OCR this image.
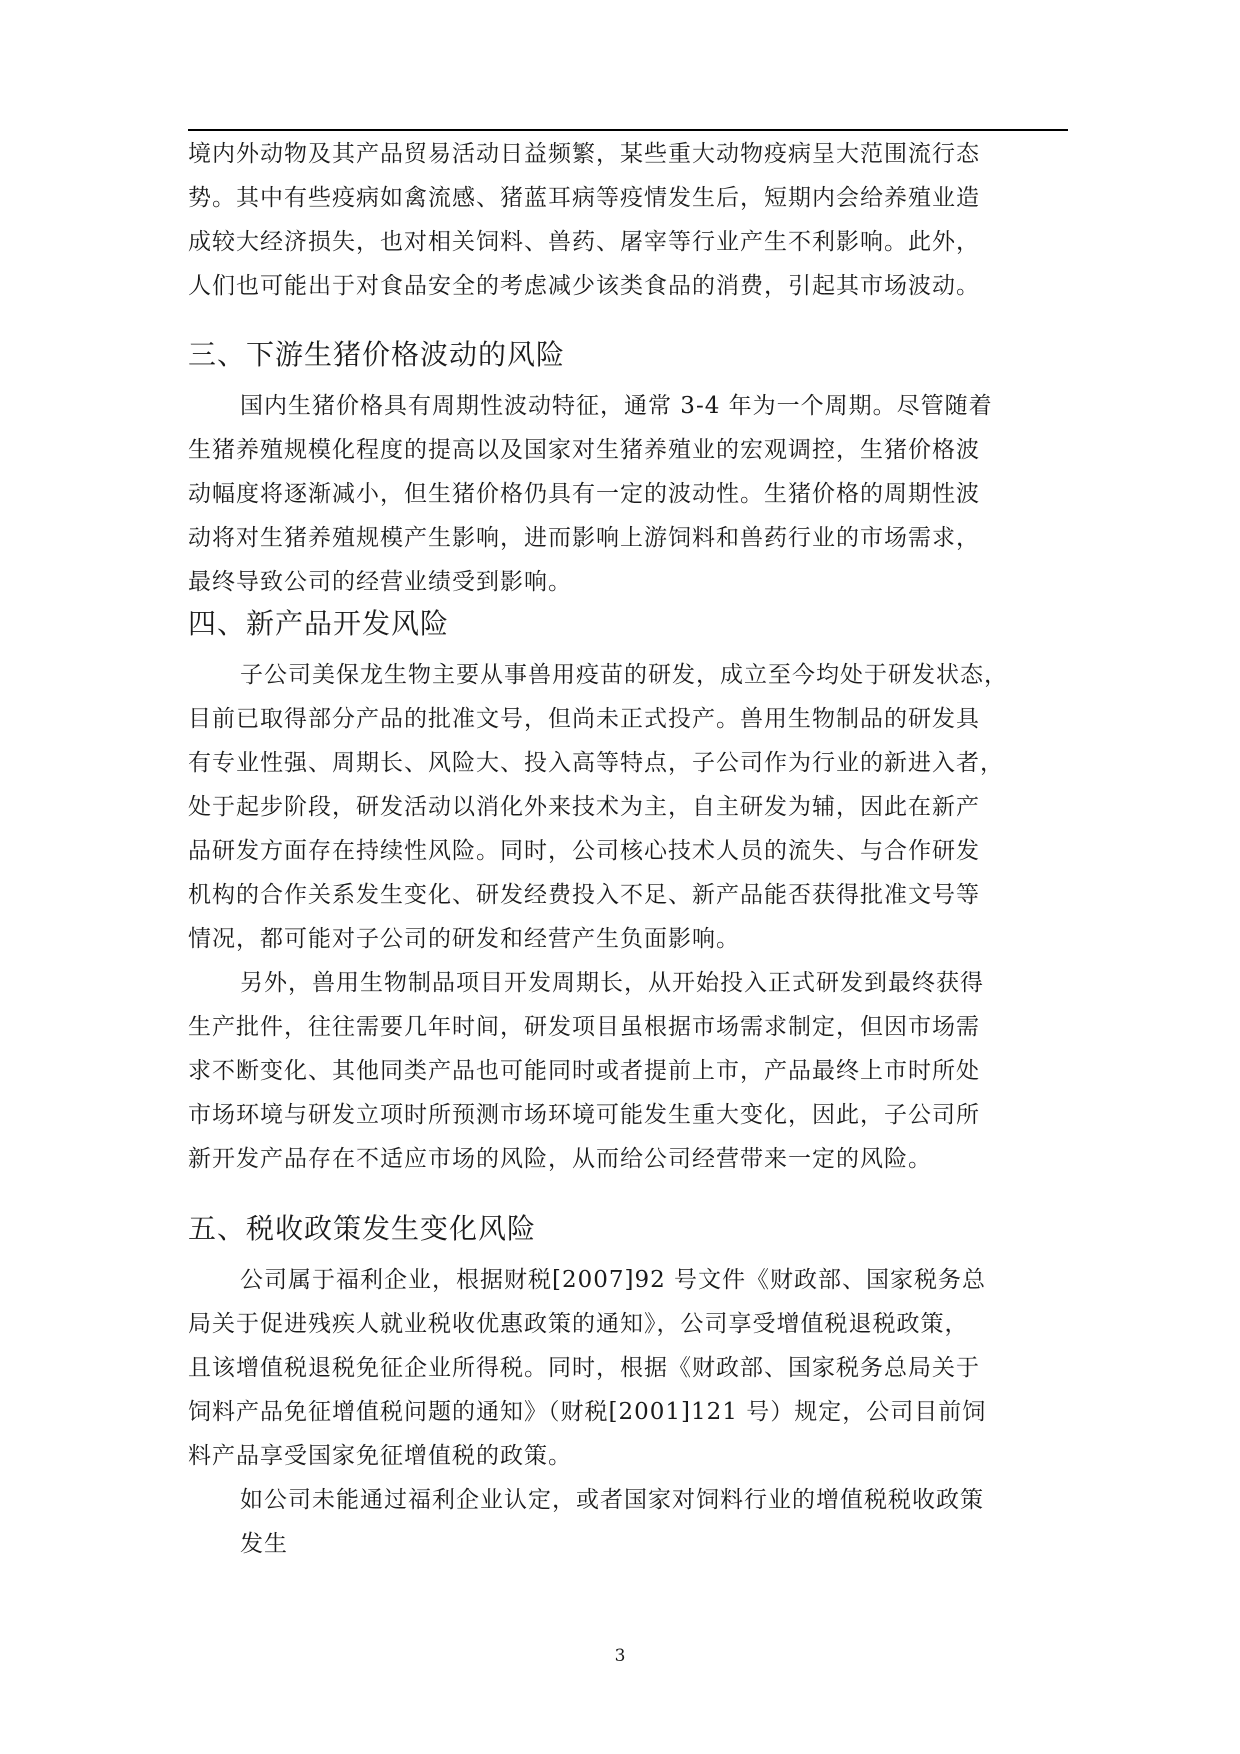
境内外动物及其产品贸易活动日益频繁，某些重大动物疫病呈大范围流行态
势。其中有些疫病如禽流感、猪蓝耳病等疫情发生后，短期内会给养殖业造
成较大经济损失，也对相关饲料、兽药、屠宰等行业产生不利影响。此外，
人们也可能出于对食品安全的考虑减少该类食品的消费，引起其市场波动。
三、下游生猪价格波动的风险
国内生猪价格具有周期性波动特征，通常 3-4 年为一个周期。尽管随着
生猪养殖规模化程度的提高以及国家对生猪养殖业的宏观调控，生猪价格波
动幅度将逐渐减小，但生猪价格仍具有一定的波动性。生猪价格的周期性波
动将对生猪养殖规模产生影响，进而影响上游饲料和兽药行业的市场需求，
最终导致公司的经营业绩受到影响。
四、新产品开发风险
子公司美保龙生物主要从事兽用疫苗的研发，成立至今均处于研发状态，
目前已取得部分产品的批准文号，但尚未正式投产。兽用生物制品的研发具
有专业性强、周期长、风险大、投入高等特点，子公司作为行业的新进入者，
处于起步阶段，研发活动以消化外来技术为主，自主研发为辅，因此在新产
品研发方面存在持续性风险。同时，公司核心技术人员的流失、与合作研发
机构的合作关系发生变化、研发经费投入不足、新产品能否获得批准文号等
情况，都可能对子公司的研发和经营产生负面影响。
另外，兽用生物制品项目开发周期长，从开始投入正式研发到最终获得
生产批件，往往需要几年时间，研发项目虽根据市场需求制定，但因市场需
求不断变化、其他同类产品也可能同时或者提前上市，产品最终上市时所处
市场环境与研发立项时所预测市场环境可能发生重大变化，因此，子公司所
新开发产品存在不适应市场的风险，从而给公司经营带来一定的风险。
五、税收政策发生变化风险
公司属于福利企业，根据财税[2007]92 号文件《财政部、国家税务总
局关于促进残疾人就业税收优惠政策的通知》，公司享受增值税退税政策，
且该增值税退税免征企业所得税。同时，根据《财政部、国家税务总局关于
饲料产品免征增值税问题的通知》（财税[2001]121 号）规定，公司目前饲
料产品享受国家免征增值税的政策。
如公司未能通过福利企业认定，或者国家对饲料行业的增值税税收政策
发生
3
